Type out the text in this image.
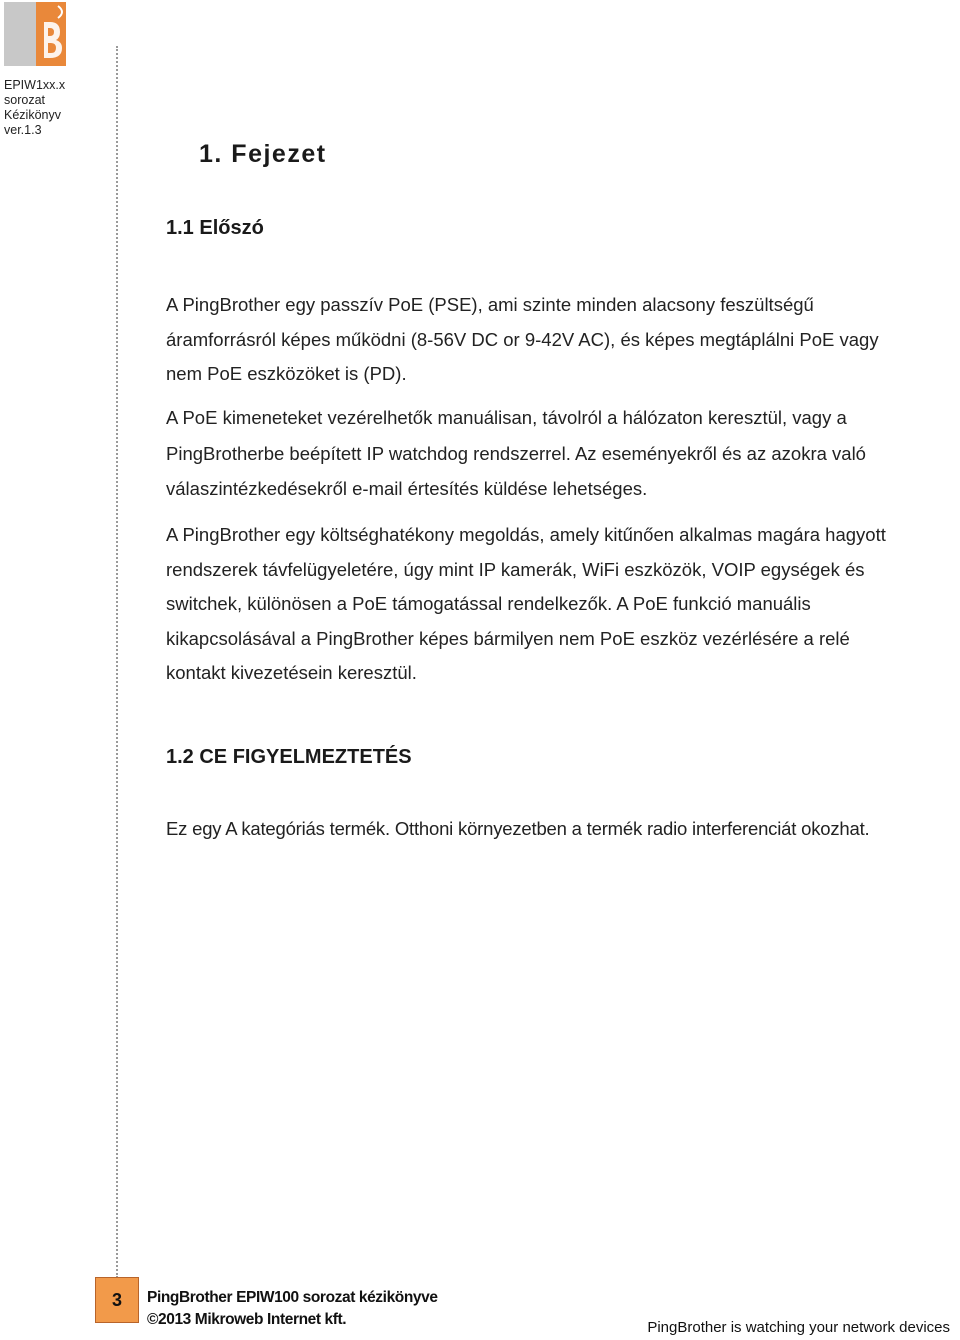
EPIW1xx.x
sorozat
Kézikönyv
ver.1.3
1. Fejezet
1.1 Előszó
A PingBrother egy passzív PoE (PSE), ami szinte minden alacsony feszültségű
áramforrásról képes működni (8-56V DC or 9-42V AC), és képes megtáplálni PoE vagy
nem PoE eszközöket is (PD).
A PoE kimeneteket vezérelhetők manuálisan, távolról a hálózaton keresztül, vagy a
PingBrotherbe beépített IP watchdog rendszerrel. Az eseményekről és az azokra való
válaszintézkedésekről e-mail értesítés küldése lehetséges.
A PingBrother egy költséghatékony megoldás, amely kitűnően alkalmas magára hagyott
rendszerek távfelügyeletére, úgy mint IP kamerák, WiFi eszközök, VOIP egységek és
switchek, különösen a PoE támogatással rendelkezők. A PoE funkció manuális
kikapcsolásával a PingBrother képes bármilyen nem PoE eszköz vezérlésére a relé
kontakt kivezetésein keresztül.
1.2 CE FIGYELMEZTETÉS
Ez egy A kategóriás termék. Otthoni környezetben a termék radio interferenciát okozhat.
3	PingBrother EPIW100 sorozat kézikönyve
©2013 Mikroweb Internet kft.	PingBrother is watching your network devices
